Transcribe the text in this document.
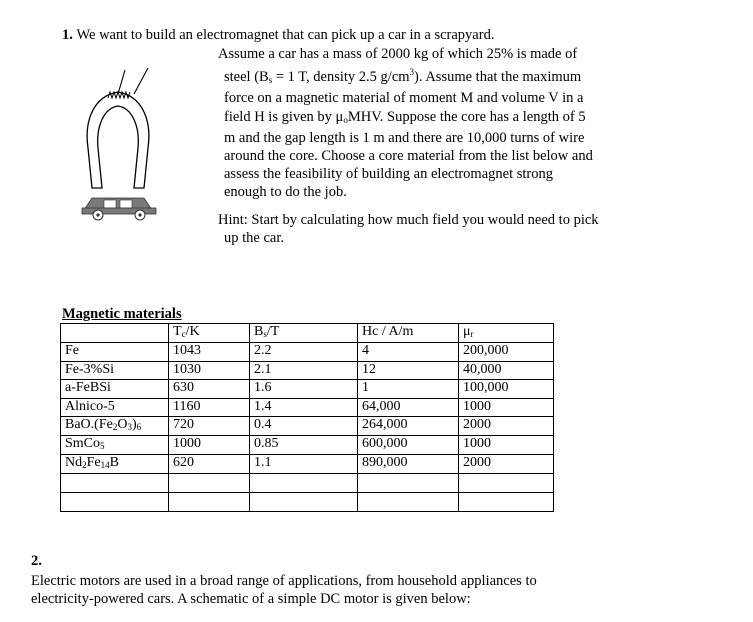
1. We want to build an electromagnet that can pick up a car in a scrapyard.
Assume a car has a mass of 2000 kg of which 25% is made of
steel ($B_s = 1$ T, density 2.5 $g/cm^3$). Assume that the maximum
force on a magnetic material of moment M and volume V in a
field H is given by $\mu_oMHV$. Suppose the core has a length of 5
m and the gap length is 1 m and there are 10,000 turns of wire
around the core. Choose a core material from the list below and
assess the feasibility of building an electromagnet strong
enough to do the job.
Hint: Start by calculating how much field you would need to pick
up the car.
Magnetic materials
	$T_c/K$	$B_s/T$	Hc / A/m	$\mu_r$
Fe	1043	2.2	4	200,000
Fe-3%Si	1030	2.1	12	40,000
a-FeBSi	630	1.6	1	100,000
Alnico-5	1160	1.4	64,000	1000
$BaO.(Fe_2O_3)_6$	720	0.4	264,000	2000
SmCo$_5$	1000	0.85	600,000	1000
$Nd_2Fe_{14}B$	620	1.1	890,000	2000

2.
Electric motors are used in a broad range of applications, from household appliances to
electricity-powered cars. A schematic of a simple DC motor is given below:
